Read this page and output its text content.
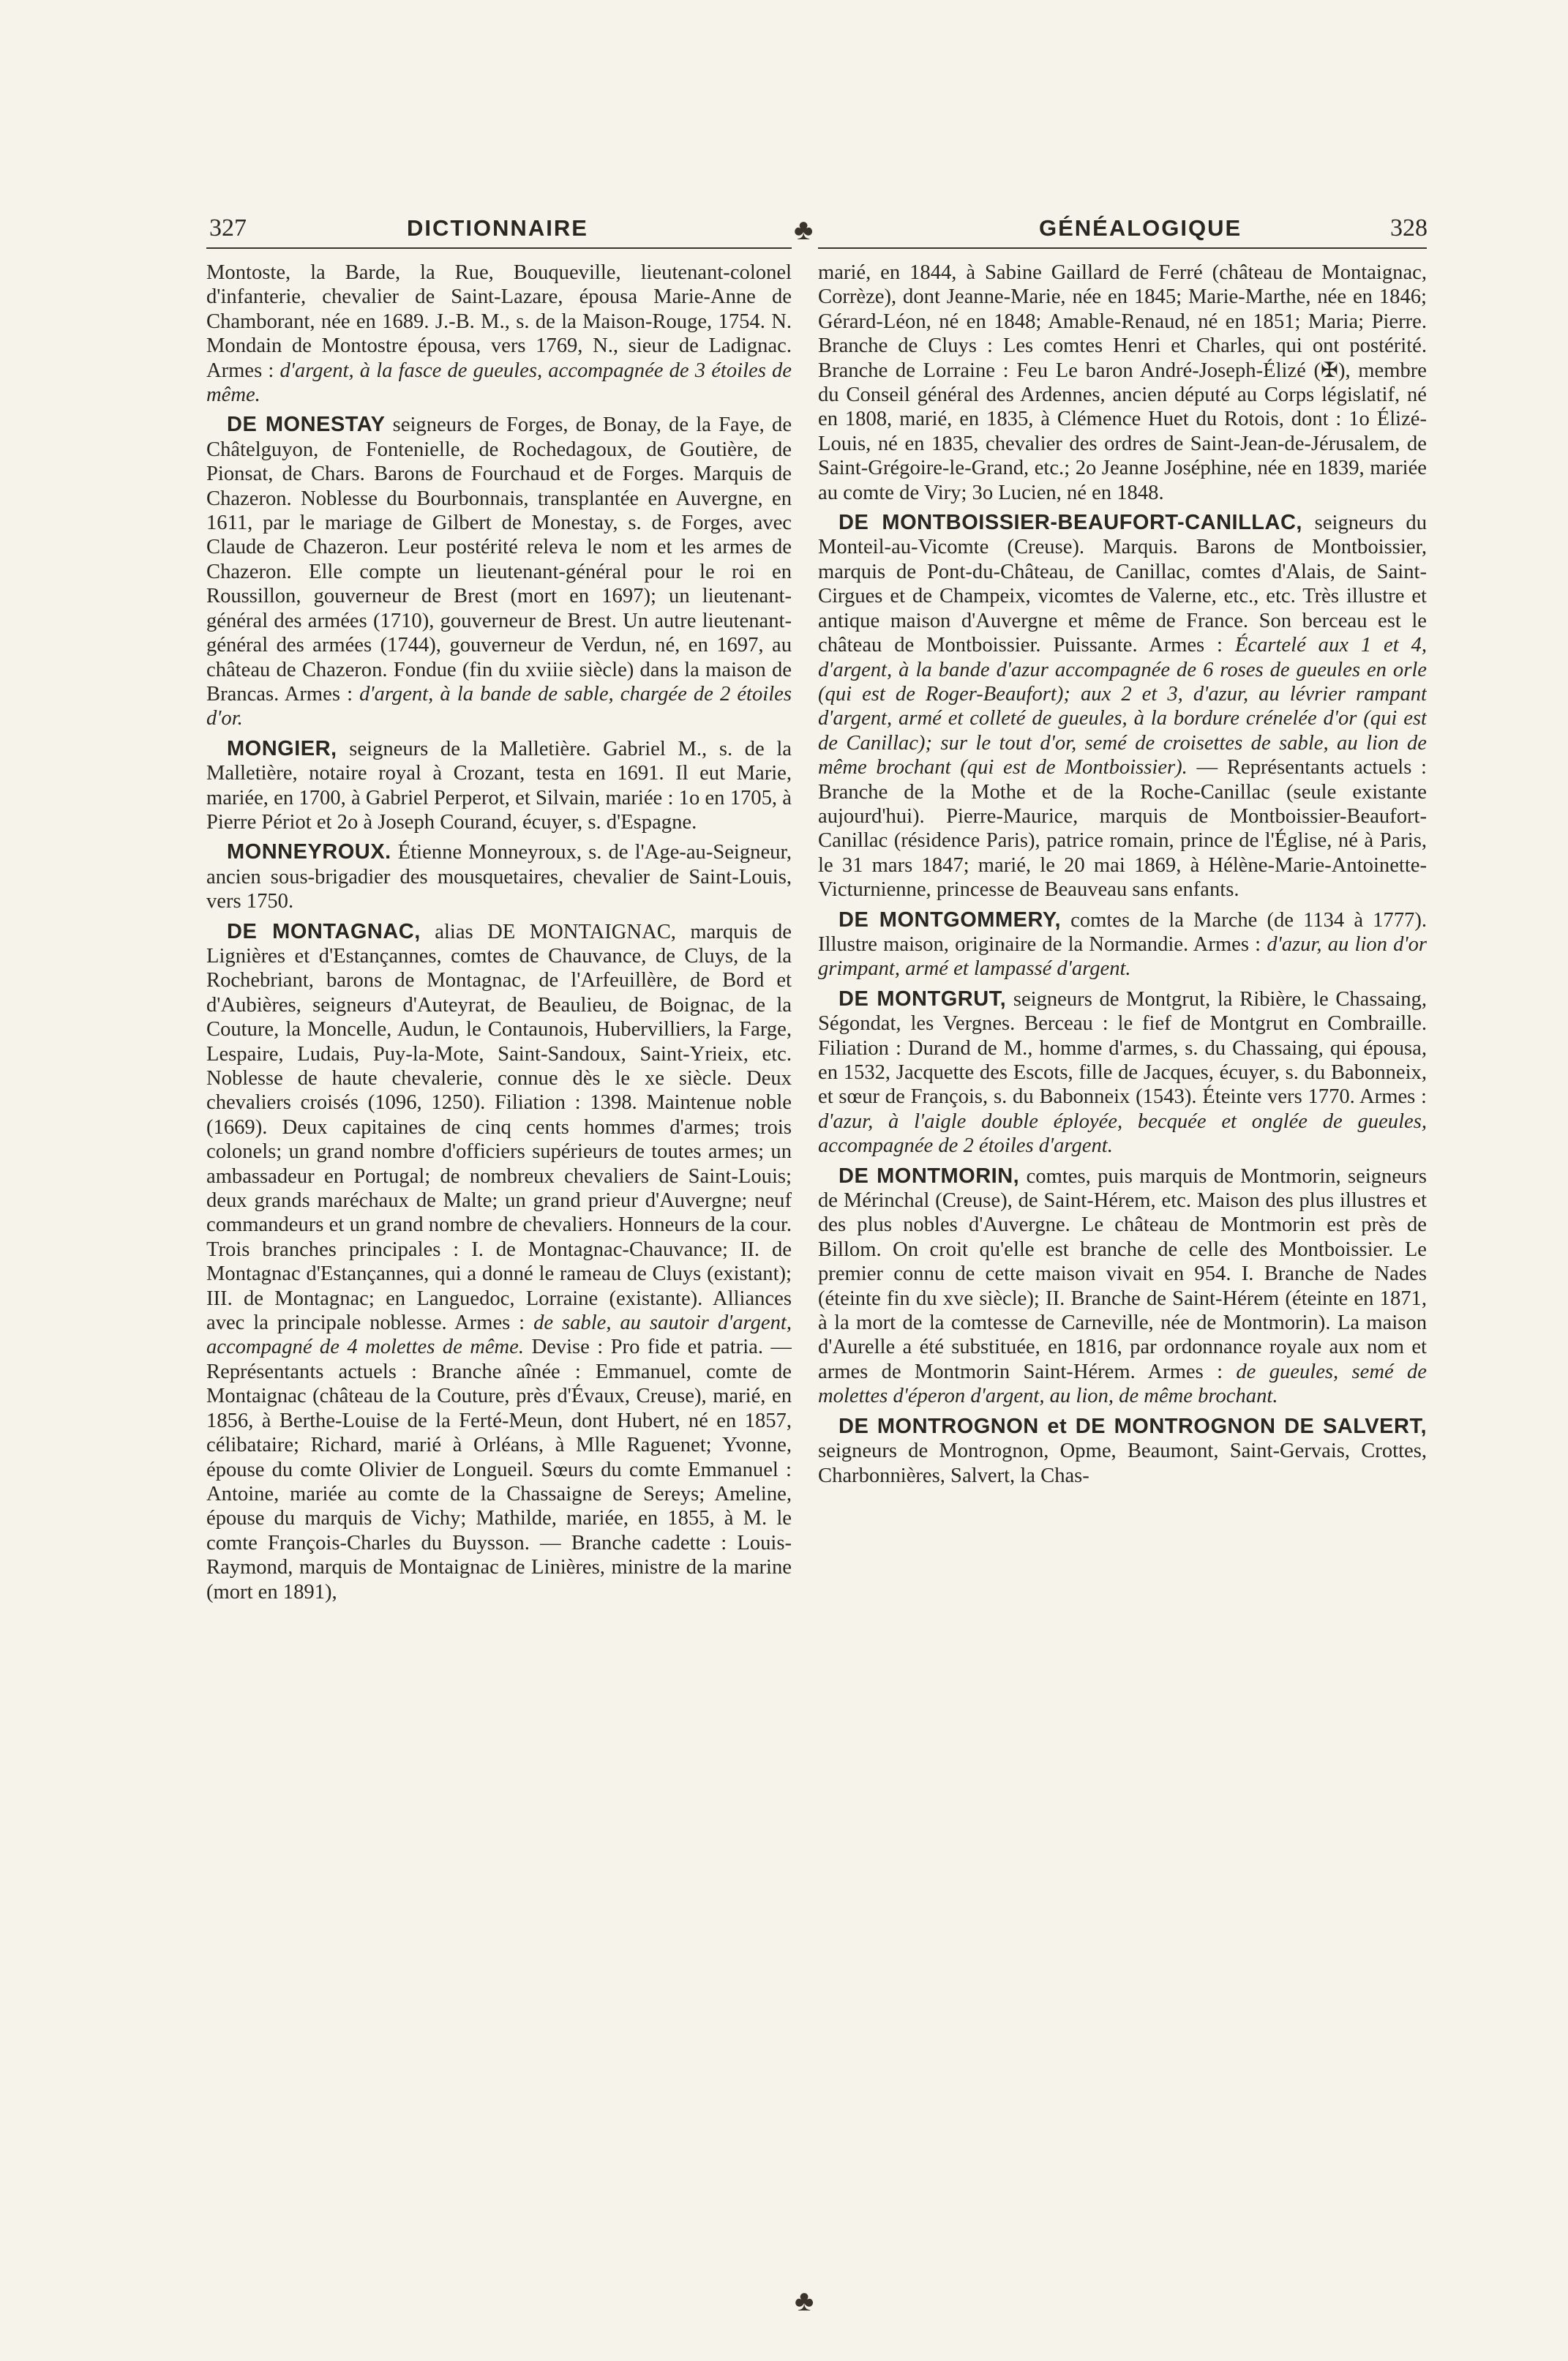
327	DICTIONNAIRE	♣	GÉNÉALOGIQUE	328

Montoste, la Barde, la Rue, Bouqueville, lieutenant-colonel d'infanterie, chevalier de Saint-Lazare, épousa Marie-Anne de Chamborant, née en 1689. J.-B. M., s. de la Maison-Rouge, 1754. N. Mondain de Montostre épousa, vers 1769, N., sieur de Ladignac. Armes : d'argent, à la fasce de gueules, accompagnée de 3 étoiles de même.

DE MONESTAY seigneurs de Forges, de Bonay, de la Faye, de Châtelguyon, de Fontenielle, de Rochedagoux, de Goutière, de Pionsat, de Chars. Barons de Fourchaud et de Forges. Marquis de Chazeron. Noblesse du Bourbonnais, transplantée en Auvergne, en 1611, par le mariage de Gilbert de Monestay, s. de Forges, avec Claude de Chazeron. Leur postérité releva le nom et les armes de Chazeron. Elle compte un lieutenant-général pour le roi en Roussillon, gouverneur de Brest (mort en 1697); un lieutenant-général des armées (1710), gouverneur de Brest. Un autre lieutenant-général des armées (1744), gouverneur de Verdun, né, en 1697, au château de Chazeron. Fondue (fin du xviiie siècle) dans la maison de Brancas. Armes : d'argent, à la bande de sable, chargée de 2 étoiles d'or.

MONGIER, seigneurs de la Malletière. Gabriel M., s. de la Malletière, notaire royal à Crozant, testa en 1691. Il eut Marie, mariée, en 1700, à Gabriel Perperot, et Silvain, mariée : 1o en 1705, à Pierre Périot et 2o à Joseph Courand, écuyer, s. d'Espagne.

MONNEYROUX. Étienne Monneyroux, s. de l'Age-au-Seigneur, ancien sous-brigadier des mousquetaires, chevalier de Saint-Louis, vers 1750.

DE MONTAGNAC, alias DE MONTAIGNAC, marquis de Lignières et d'Estançannes, comtes de Chauvance, de Cluys, de la Rochebriant, barons de Montagnac, de l'Arfeuillère, de Bord et d'Aubières, seigneurs d'Auteyrat, de Beaulieu, de Boignac, de la Couture, la Moncelle, Audun, le Contaunois, Hubervilliers, la Farge, Lespaire, Ludais, Puy-la-Mote, Saint-Sandoux, Saint-Yrieix, etc. Noblesse de haute chevalerie, connue dès le xe siècle. Deux chevaliers croisés (1096, 1250). Filiation : 1398. Maintenue noble (1669). Deux capitaines de cinq cents hommes d'armes; trois colonels; un grand nombre d'officiers supérieurs de toutes armes; un ambassadeur en Portugal; de nombreux chevaliers de Saint-Louis; deux grands maréchaux de Malte; un grand prieur d'Auvergne; neuf commandeurs et un grand nombre de chevaliers. Honneurs de la cour. Trois branches principales : I. de Montagnac-Chauvance; II. de Montagnac d'Estançannes, qui a donné le rameau de Cluys (existant); III. de Montagnac; en Languedoc, Lorraine (existante). Alliances avec la principale noblesse. Armes : de sable, au sautoir d'argent, accompagné de 4 molettes de même. Devise : Pro fide et patria. — Représentants actuels : Branche aînée : Emmanuel, comte de Montaignac (château de la Couture, près d'Évaux, Creuse), marié, en 1856, à Berthe-Louise de la Ferté-Meun, dont Hubert, né en 1857, célibataire; Richard, marié à Orléans, à Mlle Raguenet; Yvonne, épouse du comte Olivier de Longueil. Sœurs du comte Emmanuel : Antoine, mariée au comte de la Chassaigne de Sereys; Ameline, épouse du marquis de Vichy; Mathilde, mariée, en 1855, à M. le comte François-Charles du Buysson. — Branche cadette : Louis-Raymond, marquis de Montaignac de Linières, ministre de la marine (mort en 1891),

marié, en 1844, à Sabine Gaillard de Ferré (château de Montaignac, Corrèze), dont Jeanne-Marie, née en 1845; Marie-Marthe, née en 1846; Gérard-Léon, né en 1848; Amable-Renaud, né en 1851; Maria; Pierre. Branche de Cluys : Les comtes Henri et Charles, qui ont postérité. Branche de Lorraine : Feu Le baron André-Joseph-Élizé (✠), membre du Conseil général des Ardennes, ancien député au Corps législatif, né en 1808, marié, en 1835, à Clémence Huet du Rotois, dont : 1o Élizé-Louis, né en 1835, chevalier des ordres de Saint-Jean-de-Jérusalem, de Saint-Grégoire-le-Grand, etc.; 2o Jeanne Joséphine, née en 1839, mariée au comte de Viry; 3o Lucien, né en 1848.

DE MONTBOISSIER-BEAUFORT-CANILLAC, seigneurs du Monteil-au-Vicomte (Creuse). Marquis. Barons de Montboissier, marquis de Pont-du-Château, de Canillac, comtes d'Alais, de Saint-Cirgues et de Champeix, vicomtes de Valerne, etc., etc. Très illustre et antique maison d'Auvergne et même de France. Son berceau est le château de Montboissier. Puissante. Armes : Écartelé aux 1 et 4, d'argent, à la bande d'azur accompagnée de 6 roses de gueules en orle (qui est de Roger-Beaufort); aux 2 et 3, d'azur, au lévrier rampant d'argent, armé et colleté de gueules, à la bordure crénelée d'or (qui est de Canillac); sur le tout d'or, semé de croisettes de sable, au lion de même brochant (qui est de Montboissier). — Représentants actuels : Branche de la Mothe et de la Roche-Canillac (seule existante aujourd'hui). Pierre-Maurice, marquis de Montboissier-Beaufort-Canillac (résidence Paris), patrice romain, prince de l'Église, né à Paris, le 31 mars 1847; marié, le 20 mai 1869, à Hélène-Marie-Antoinette-Victurnienne, princesse de Beauveau sans enfants.

DE MONTGOMMERY, comtes de la Marche (de 1134 à 1777). Illustre maison, originaire de la Normandie. Armes : d'azur, au lion d'or grimpant, armé et lampassé d'argent.

DE MONTGRUT, seigneurs de Montgrut, la Ribière, le Chassaing, Ségondat, les Vergnes. Berceau : le fief de Montgrut en Combraille. Filiation : Durand de M., homme d'armes, s. du Chassaing, qui épousa, en 1532, Jacquette des Escots, fille de Jacques, écuyer, s. du Babonneix, et sœur de François, s. du Babonneix (1543). Éteinte vers 1770. Armes : d'azur, à l'aigle double éployée, becquée et onglée de gueules, accompagnée de 2 étoiles d'argent.

DE MONTMORIN, comtes, puis marquis de Montmorin, seigneurs de Mérinchal (Creuse), de Saint-Hérem, etc. Maison des plus illustres et des plus nobles d'Auvergne. Le château de Montmorin est près de Billom. On croit qu'elle est branche de celle des Montboissier. Le premier connu de cette maison vivait en 954. I. Branche de Nades (éteinte fin du xve siècle); II. Branche de Saint-Hérem (éteinte en 1871, à la mort de la comtesse de Carneville, née de Montmorin). La maison d'Aurelle a été substituée, en 1816, par ordonnance royale aux nom et armes de Montmorin Saint-Hérem. Armes : de gueules, semé de molettes d'éperon d'argent, au lion, de même brochant.

DE MONTROGNON et DE MONTROGNON DE SALVERT, seigneurs de Montrognon, Opme, Beaumont, Saint-Gervais, Crottes, Charbonnières, Salvert, la Chas-

♣
